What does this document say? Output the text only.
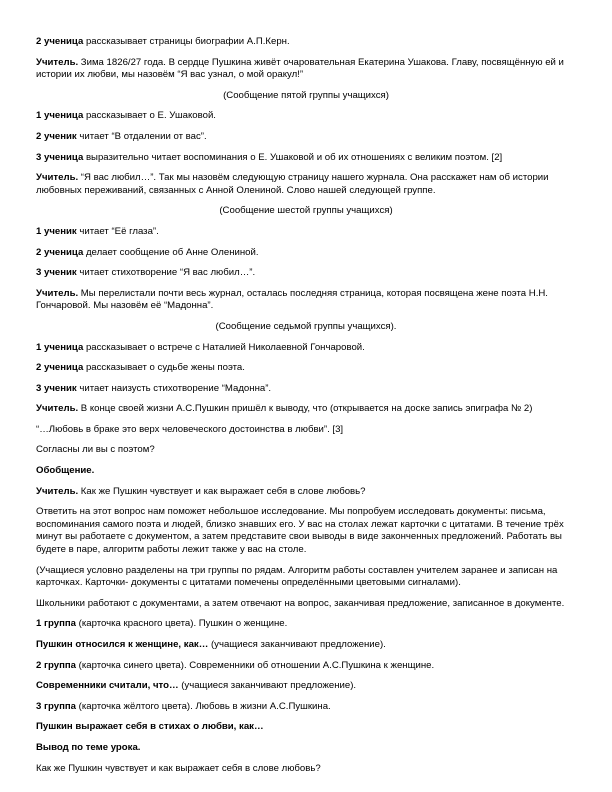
2 ученица рассказывает страницы биографии А.П.Керн.

Учитель. Зима 1826/27 года. В сердце Пушкина живёт очаровательная Екатерина Ушакова. Главу, посвящённую ей и истории их любви, мы назовём “Я вас узнал, о мой оракул!”

(Сообщение пятой группы учащихся)

1 ученица рассказывает о Е. Ушаковой.

2 ученик читает “В отдалении от вас”.

3 ученица выразительно читает воспоминания о Е. Ушаковой и об их отношениях с великим поэтом. [2]

Учитель. “Я вас любил…”. Так мы назовём следующую страницу нашего журнала. Она расскажет нам об истории любовных переживаний, связанных с Анной Олениной. Слово нашей следующей группе.

(Сообщение шестой группы учащихся)

1 ученик читает “Её глаза”.

2 ученица делает сообщение об Анне Олениной.

3 ученик читает стихотворение “Я вас любил…”.

Учитель. Мы перелистали почти весь журнал, осталась последняя страница, которая посвящена жене поэта Н.Н. Гончаровой. Мы назовём её “Мадонна”.

(Сообщение седьмой группы учащихся).

1 ученица рассказывает о встрече с Наталией Николаевной Гончаровой.

2 ученица рассказывает о судьбе жены поэта.

3 ученик читает наизусть стихотворение “Мадонна”.

Учитель. В конце своей жизни А.С.Пушкин пришёл к выводу, что (открывается на доске запись эпиграфа № 2)

“…Любовь в браке это верх человеческого достоинства в любви”. [3]

Согласны ли вы с поэтом?

Обобщение.

Учитель. Как же Пушкин чувствует и как выражает себя в слове любовь?

Ответить на этот вопрос нам поможет небольшое исследование. Мы попробуем исследовать документы: письма, воспоминания самого поэта и людей, близко знавших его. У вас на столах лежат карточки с цитатами. В течение трёх минут вы работаете с документом, а затем представите свои выводы в виде законченных предложений. Работать вы будете в паре, алгоритм работы лежит также у вас на столе.

(Учащиеся условно разделены на три группы по рядам. Алгоритм работы составлен учителем заранее и записан на карточках. Карточки- документы с цитатами помечены определёнными цветовыми сигналами).

Школьники работают с документами, а затем отвечают на вопрос, заканчивая предложение, записанное в документе.

1 группа (карточка красного цвета). Пушкин о женщине.

Пушкин относился к женщине, как… (учащиеся заканчивают предложение).

2 группа (карточка синего цвета). Современники об отношении А.С.Пушкина к женщине.

Современники считали, что… (учащиеся заканчивают предложение).

3 группа (карточка жёлтого цвета). Любовь в жизни А.С.Пушкина.

Пушкин выражает себя в стихах о любви, как…

Вывод по теме урока.

Как же Пушкин чувствует и как выражает себя в слове любовь?
